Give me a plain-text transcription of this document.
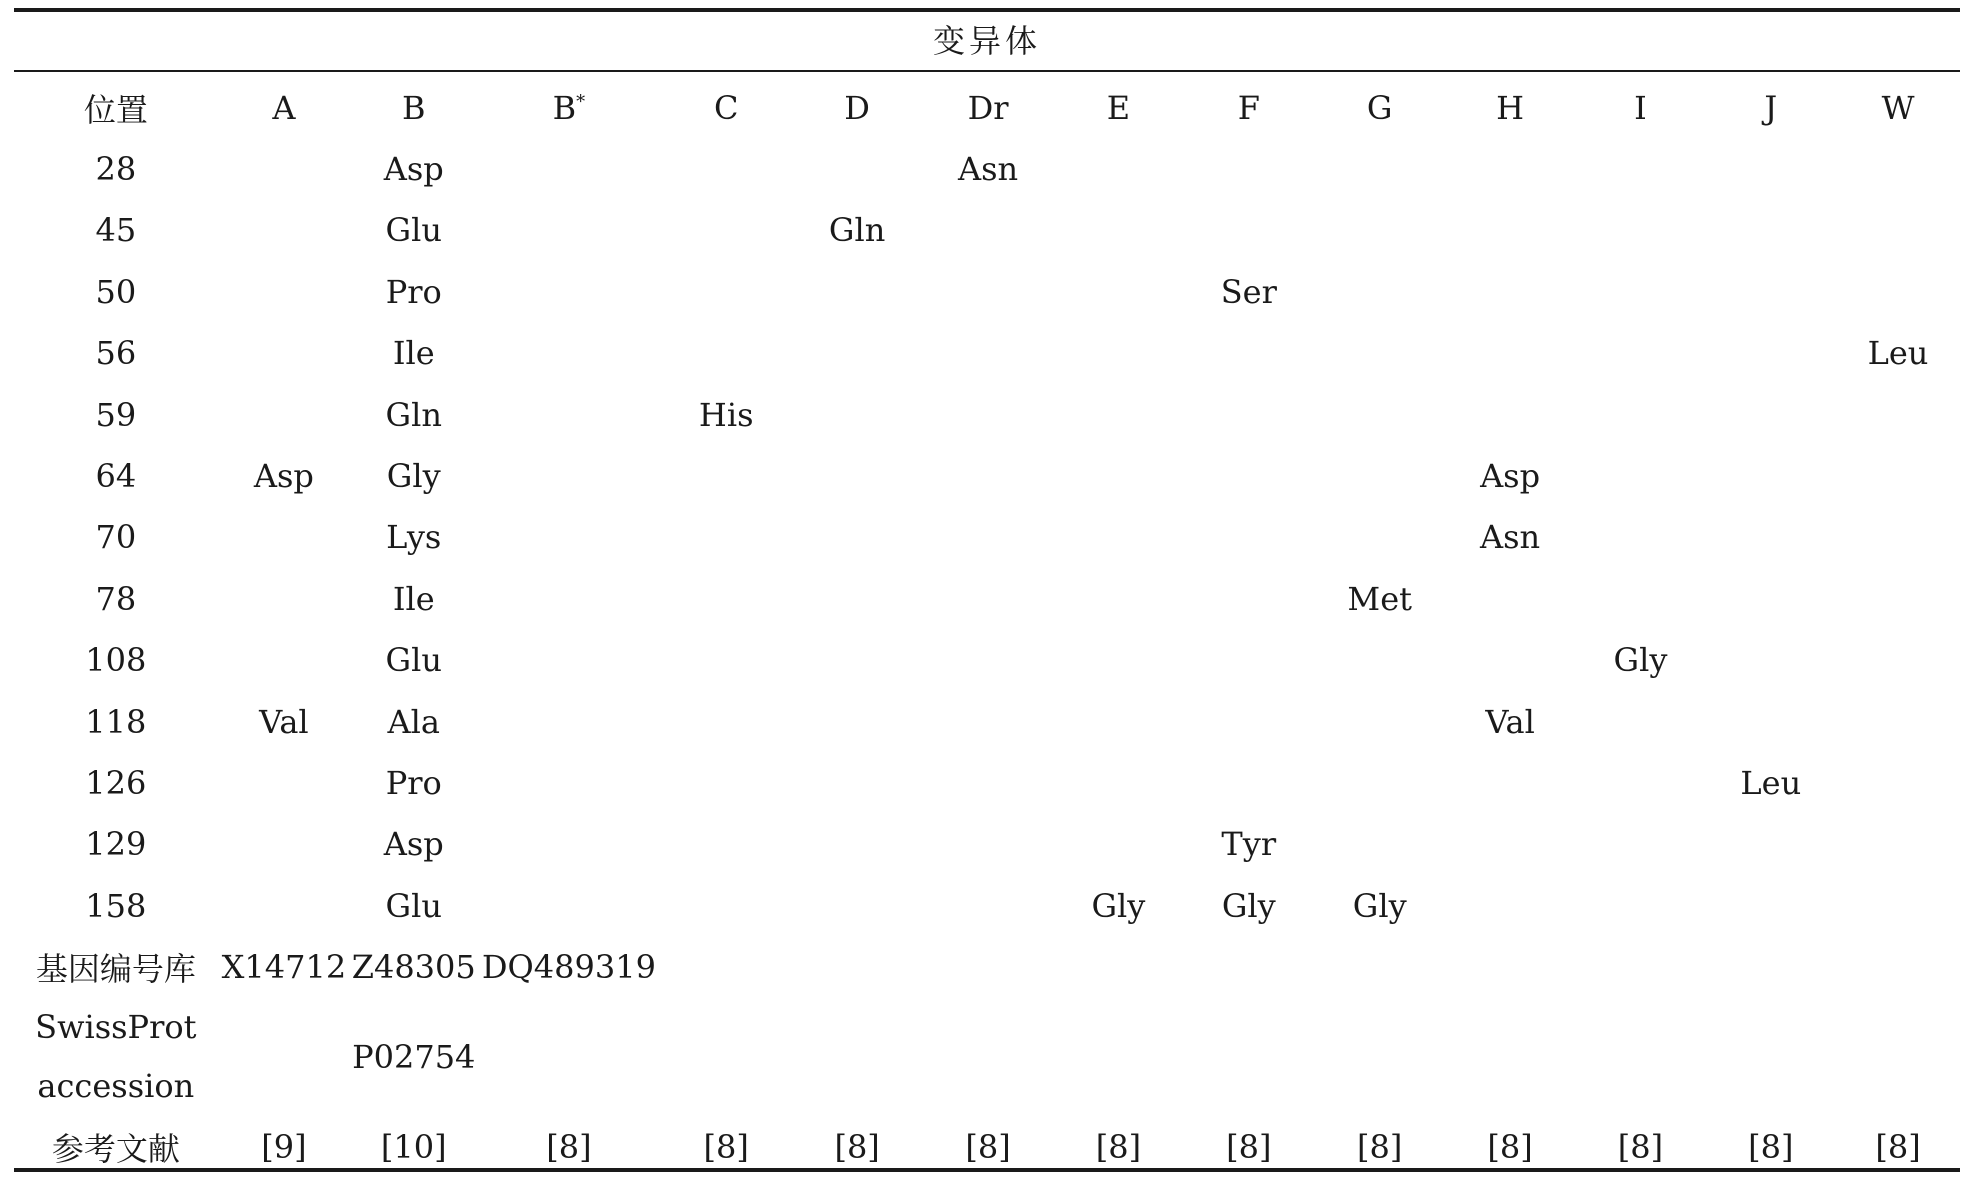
变异体
位置	A	B	B*	C	D	Dr	E	F	G	H	I	J	W
28		Asp				Asn							
45		Glu			Gln								
50		Pro						Ser					
56		Ile											Leu
59		Gln		His									
64	Asp	Gly								Asp			
70		Lys								Asn			
78		Ile							Met				
108		Glu									Gly		
118	Val	Ala								Val			
126		Pro										Leu	
129		Asp						Tyr					
158		Glu					Gly	Gly	Gly				
基因编号库	X14712	Z48305	DQ489319										

SwissProt
accession		P02754											
参考文献	[9]	[10]	[8]	[8]	[8]	[8]	[8]	[8]	[8]	[8]	[8]	[8]	[8]
